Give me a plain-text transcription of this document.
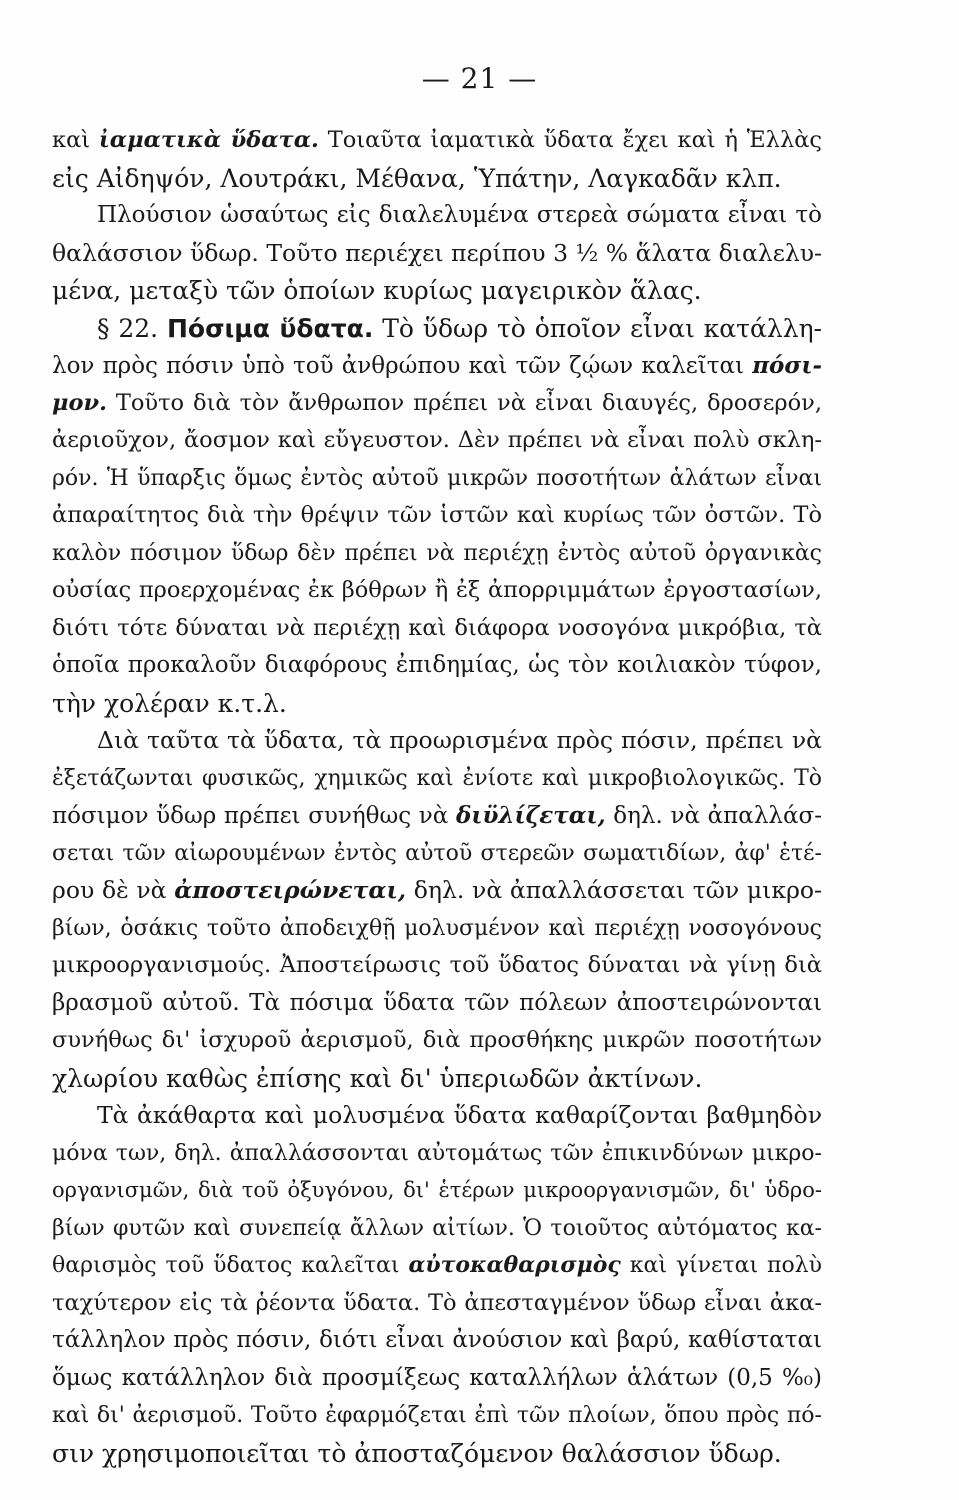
— 21 —
καὶ ἰαματικὰ ὕδατα. Τοιαῦτα ἰαματικὰ ὕδατα ἔχει καὶ ἡ Ἑλλὰς
εἰς Αἰδηψόν, Λουτράκι, Μέθανα, Ὑπάτην, Λαγκαδᾶν κλπ.
Πλούσιον ὡσαύτως εἰς διαλελυμένα στερεὰ σώματα εἶναι τὸ
θαλάσσιον ὕδωρ. Τοῦτο περιέχει περίπου 3 ½ % ἅλατα διαλελυ-
μένα, μεταξὺ τῶν ὁποίων κυρίως μαγειρικὸν ἅλας.
§ 22. Πόσιμα ὕδατα. Τὸ ὕδωρ τὸ ὁποῖον εἶναι κατάλλη-
λον πρὸς πόσιν ὑπὸ τοῦ ἀνθρώπου καὶ τῶν ζῴων καλεῖται πόσι-
μον. Τοῦτο διὰ τὸν ἄνθρωπον πρέπει νὰ εἶναι διαυγές, δροσερόν,
ἀεριοῦχον, ἄοσμον καὶ εὔγευστον. Δὲν πρέπει νὰ εἶναι πολὺ σκλη-
ρόν. Ἡ ὕπαρξις ὅμως ἐντὸς αὐτοῦ μικρῶν ποσοτήτων ἁλάτων εἶναι
ἀπαραίτητος διὰ τὴν θρέψιν τῶν ἱστῶν καὶ κυρίως τῶν ὀστῶν. Τὸ
καλὸν πόσιμον ὕδωρ δὲν πρέπει νὰ περιέχῃ ἐντὸς αὐτοῦ ὀργανικὰς
οὐσίας προερχομένας ἐκ βόθρων ἢ ἐξ ἀπορριμμάτων ἐργοστασίων,
διότι τότε δύναται νὰ περιέχῃ καὶ διάφορα νοσογόνα μικρόβια, τὰ
ὁποῖα προκαλοῦν διαφόρους ἐπιδημίας, ὡς τὸν κοιλιακὸν τύφον,
τὴν χολέραν κ.τ.λ.
Διὰ ταῦτα τὰ ὕδατα, τὰ προωρισμένα πρὸς πόσιν, πρέπει νὰ
ἐξετάζωνται φυσικῶς, χημικῶς καὶ ἐνίοτε καὶ μικροβιολογικῶς. Τὸ
πόσιμον ὕδωρ πρέπει συνήθως νὰ διϋλίζεται, δηλ. νὰ ἀπαλλάσ-
σεται τῶν αἰωρουμένων ἐντὸς αὐτοῦ στερεῶν σωματιδίων, ἀφ' ἑτέ-
ρου δὲ νὰ ἀποστειρώνεται, δηλ. νὰ ἀπαλλάσσεται τῶν μικρο-
βίων, ὁσάκις τοῦτο ἀποδειχθῇ μολυσμένον καὶ περιέχῃ νοσογόνους
μικροοργανισμούς. Ἀποστείρωσις τοῦ ὕδατος δύναται νὰ γίνῃ διὰ
βρασμοῦ αὐτοῦ. Τὰ πόσιμα ὕδατα τῶν πόλεων ἀποστειρώνονται
συνήθως δι' ἰσχυροῦ ἀερισμοῦ, διὰ προσθήκης μικρῶν ποσοτήτων
χλωρίου καθὼς ἐπίσης καὶ δι' ὑπεριωδῶν ἀκτίνων.
Τὰ ἀκάθαρτα καὶ μολυσμένα ὕδατα καθαρίζονται βαθμηδὸν
μόνα των, δηλ. ἀπαλλάσσονται αὐτομάτως τῶν ἐπικινδύνων μικρο-
οργανισμῶν, διὰ τοῦ ὀξυγόνου, δι' ἑτέρων μικροοργανισμῶν, δι' ὑδρο-
βίων φυτῶν καὶ συνεπείᾳ ἄλλων αἰτίων. Ὁ τοιοῦτος αὐτόματος κα-
θαρισμὸς τοῦ ὕδατος καλεῖται αὐτοκαθαρισμὸς καὶ γίνεται πολὺ
ταχύτερον εἰς τὰ ῥέοντα ὕδατα. Τὸ ἀπεσταγμένον ὕδωρ εἶναι ἀκα-
τάλληλον πρὸς πόσιν, διότι εἶναι ἀνούσιον καὶ βαρύ, καθίσταται
ὅμως κατάλληλον διὰ προσμίξεως καταλλήλων ἁλάτων (0,5 %₀)
καὶ δι' ἀερισμοῦ. Τοῦτο ἐφαρμόζεται ἐπὶ τῶν πλοίων, ὅπου πρὸς πό-
σιν χρησιμοποιεῖται τὸ ἀποσταζόμενον θαλάσσιον ὕδωρ.
